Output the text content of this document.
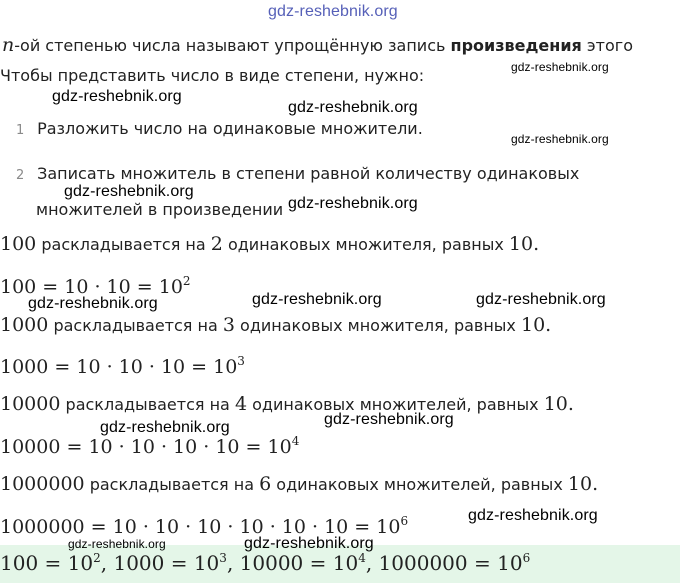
gdz-reshebnik.org
n-ой степенью числа называют упрощённую запись произведения этого
Чтобы представить число в виде степени, нужно:
1 Разложить число на одинаковые множители.
2 Записать множитель в степени равной количеству одинаковых
множителей в произведении
100 раскладывается на 2 одинаковых множителя, равных 10.
$100 = 10 \cdot 10 = 10^2$
1000 раскладывается на 3 одинаковых множителя, равных 10.
$1000 = 10 \cdot 10 \cdot 10 = 10^3$
10000 раскладывается на 4 одинаковых множителей, равных 10.
$10000 = 10 \cdot 10 \cdot 10 \cdot 10 = 10^4$
1000000 раскладывается на 6 одинаковых множителей, равных 10.
$1000000 = 10 \cdot 10 \cdot 10 \cdot 10 \cdot 10 \cdot 10 = 10^6$
$100 = 10^2$, $1000 = 10^3$, $10000 = 10^4$, $1000000 = 10^6$
gdz-reshebnik.org
gdz-reshebnik.org
gdz-reshebnik.org
gdz-reshebnik.org
gdz-reshebnik.org
gdz-reshebnik.org
gdz-reshebnik.org	gdz-reshebnik.org	gdz-reshebnik.org
gdz-reshebnik.org	gdz-reshebnik.org
gdz-reshebnik.org
gdz-reshebnik.org	gdz-reshebnik.org
